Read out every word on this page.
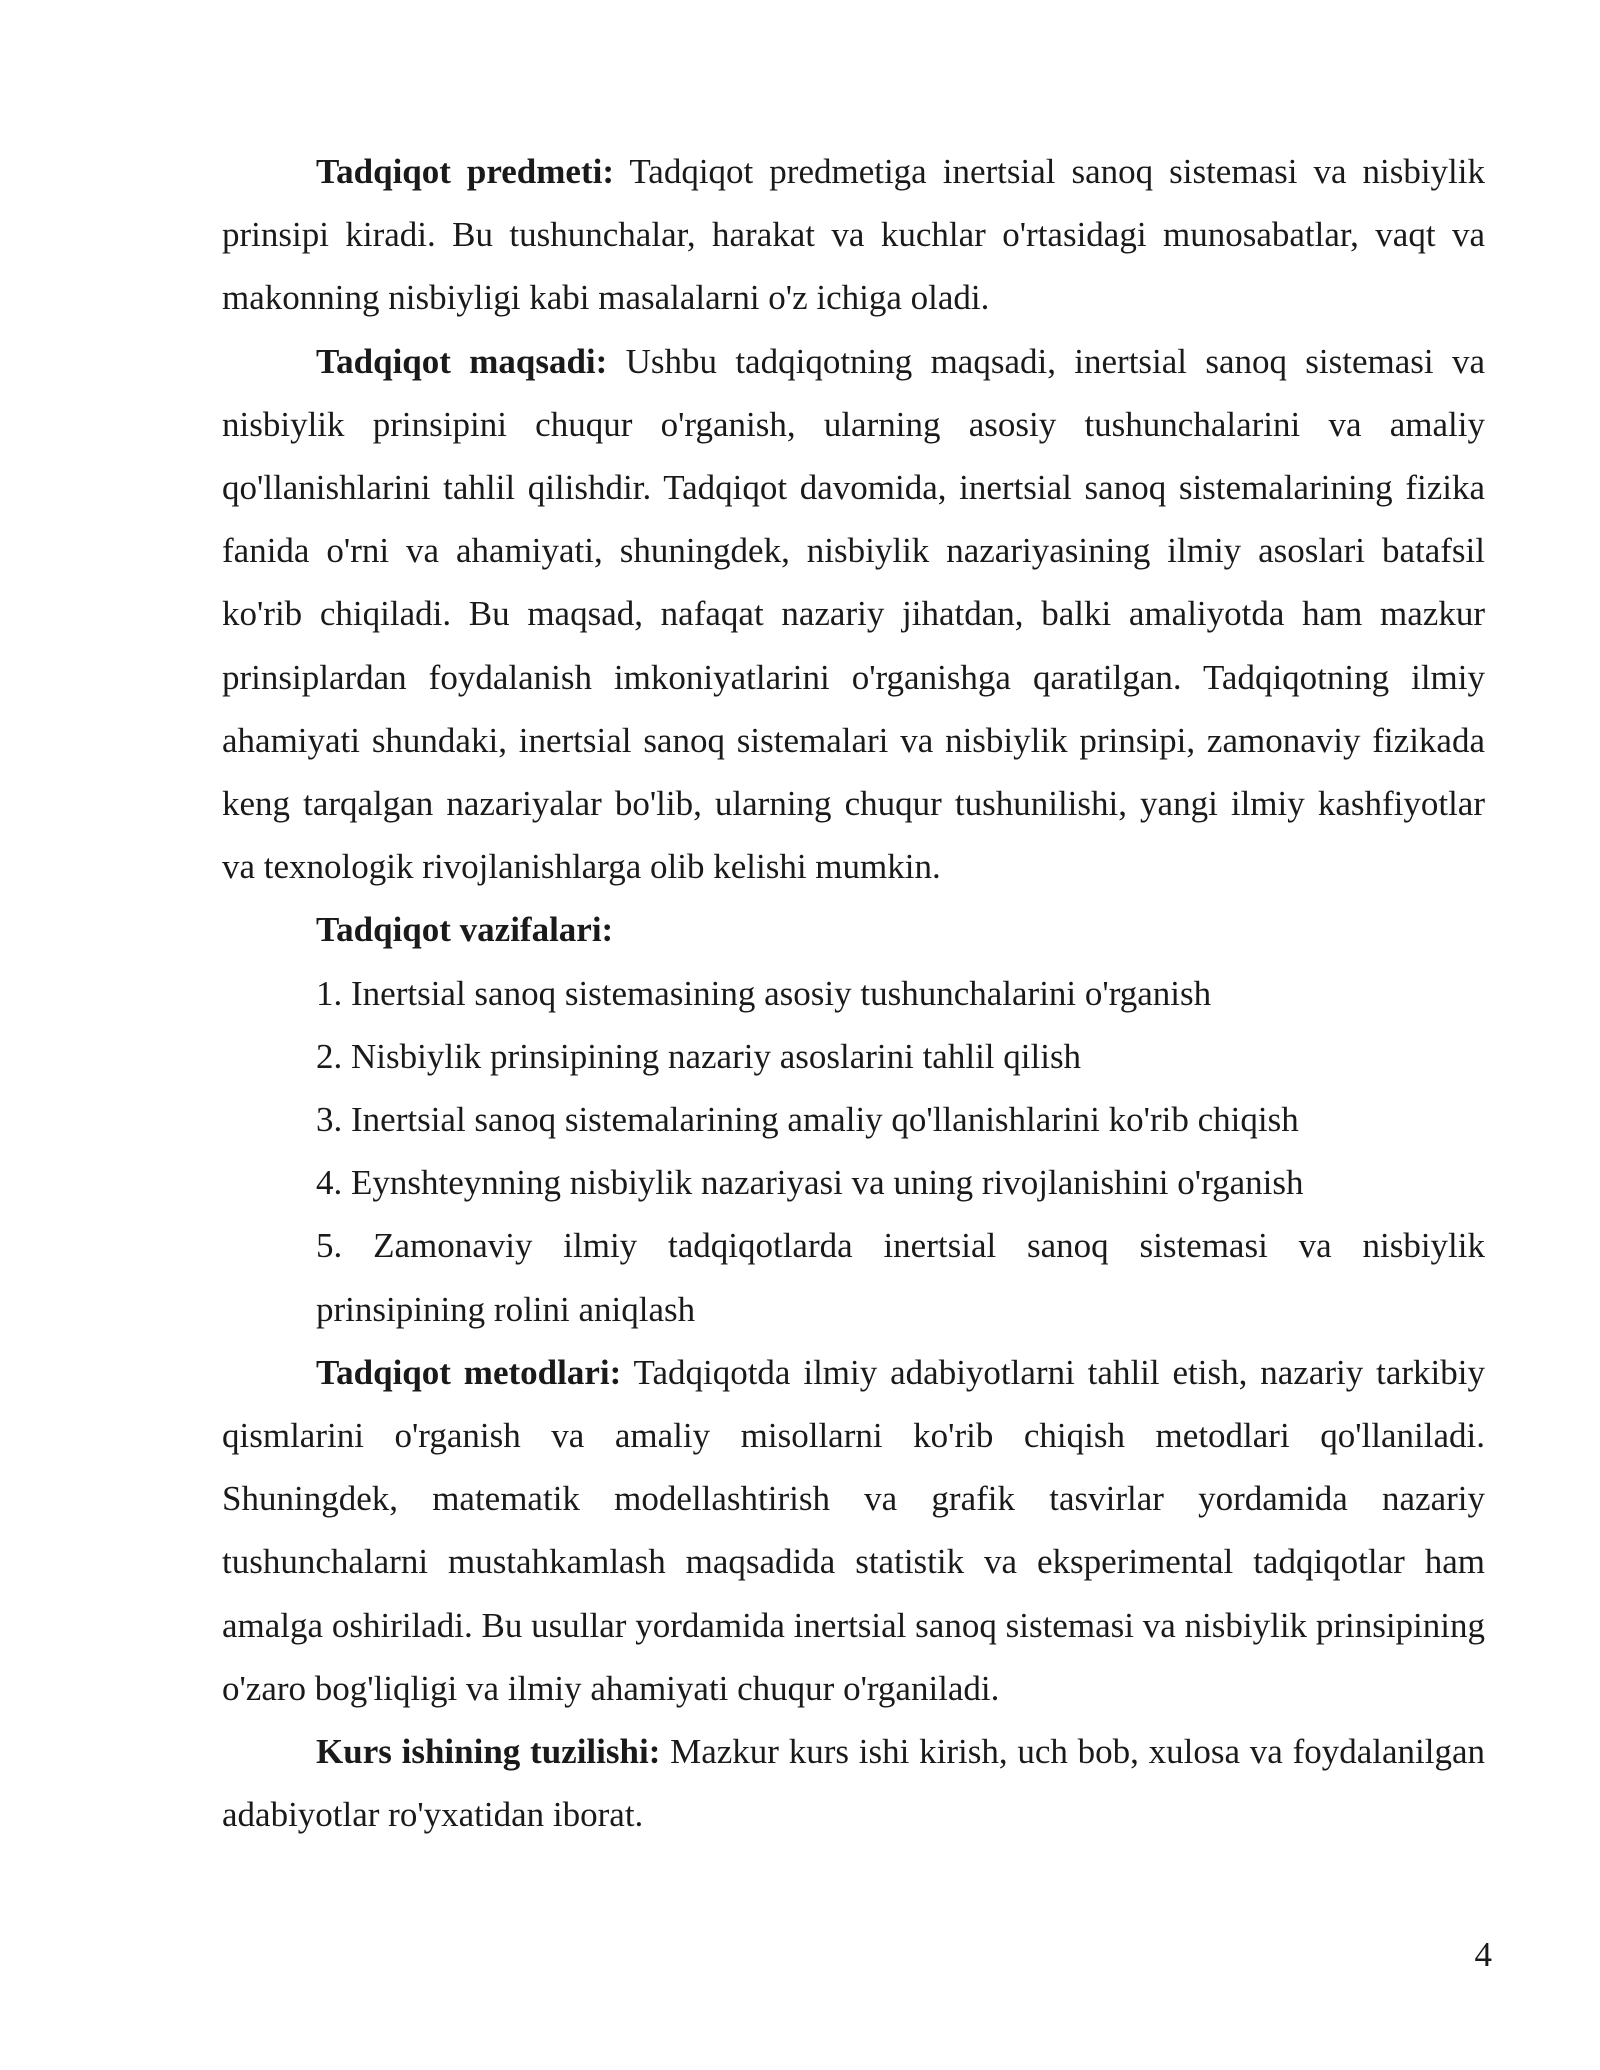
Tadqiqot predmeti: Tadqiqot predmetiga inertsial sanoq sistemasi va nisbiylik prinsipi kiradi. Bu tushunchalar, harakat va kuchlar o'rtasidagi munosabatlar, vaqt va makonning nisbiyligi kabi masalalarni o'z ichiga oladi.

Tadqiqot maqsadi: Ushbu tadqiqotning maqsadi, inertsial sanoq sistemasi va nisbiylik prinsipini chuqur o'rganish, ularning asosiy tushunchalarini va amaliy qo'llanishlarini tahlil qilishdir. Tadqiqot davomida, inertsial sanoq sistemalarining fizika fanida o'rni va ahamiyati, shuningdek, nisbiylik nazariyasining ilmiy asoslari batafsil ko'rib chiqiladi. Bu maqsad, nafaqat nazariy jihatdan, balki amaliyotda ham mazkur prinsiplardan foydalanish imkoniyatlarini o'rganishga qaratilgan. Tadqiqotning ilmiy ahamiyati shundaki, inertsial sanoq sistemalari va nisbiylik prinsipi, zamonaviy fizikada keng tarqalgan nazariyalar bo'lib, ularning chuqur tushunilishi, yangi ilmiy kashfiyotlar va texnologik rivojlanishlarga olib kelishi mumkin.

Tadqiqot vazifalari:

1. Inertsial sanoq sistemasining asosiy tushunchalarini o'rganish
2. Nisbiylik prinsipining nazariy asoslarini tahlil qilish
3. Inertsial sanoq sistemalarining amaliy qo'llanishlarini ko'rib chiqish
4. Eynshteynning nisbiylik nazariyasi va uning rivojlanishini o'rganish
5. Zamonaviy ilmiy tadqiqotlarda inertsial sanoq sistemasi va nisbiylik prinsipining rolini aniqlash

Tadqiqot metodlari: Tadqiqotda ilmiy adabiyotlarni tahlil etish, nazariy tarkibiy qismlarini o'rganish va amaliy misollarni ko'rib chiqish metodlari qo'llaniladi. Shuningdek, matematik modellashtirish va grafik tasvirlar yordamida nazariy tushunchalarni mustahkamlash maqsadida statistik va eksperimental tadqiqotlar ham amalga oshiriladi. Bu usullar yordamida inertsial sanoq sistemasi va nisbiylik prinsipining o'zaro bog'liqligi va ilmiy ahamiyati chuqur o'rganiladi.

Kurs ishining tuzilishi: Mazkur kurs ishi kirish, uch bob, xulosa va foydalanilgan adabiyotlar ro'yxatidan iborat.

4
